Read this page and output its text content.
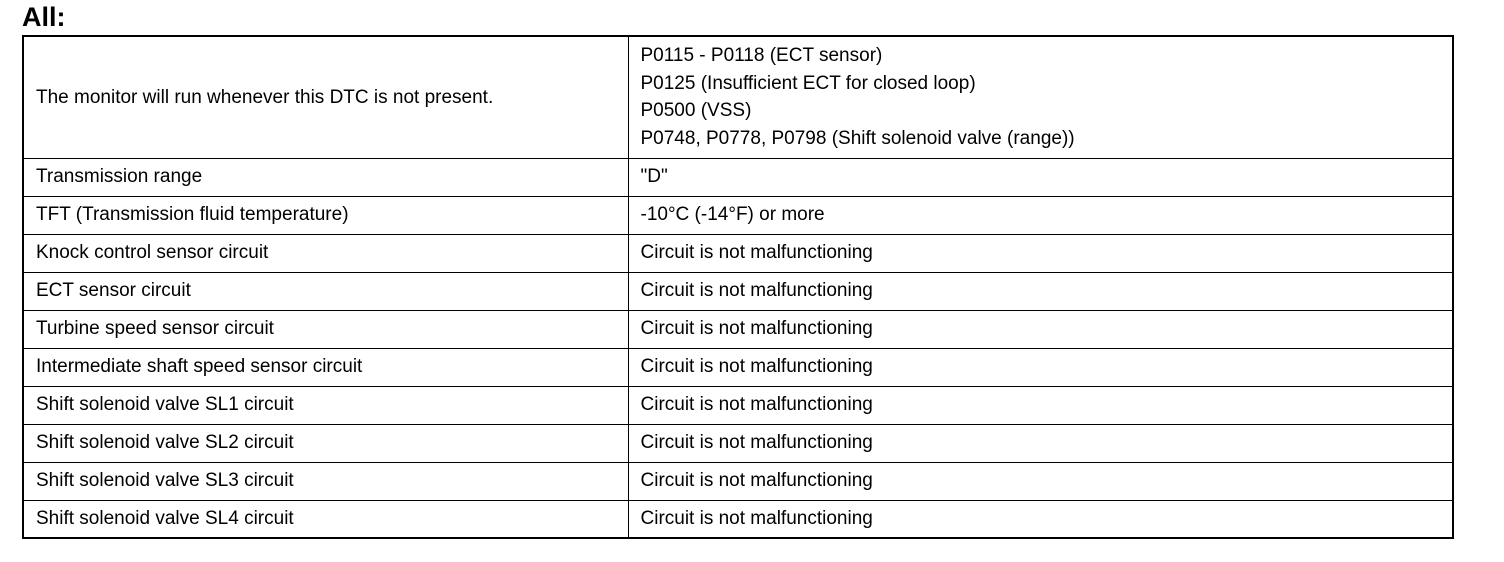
All:
The monitor will run whenever this DTC is not present.	P0115 - P0118 (ECT sensor)
P0125 (Insufficient ECT for closed loop)
P0500 (VSS)
P0748, P0778, P0798 (Shift solenoid valve (range))

Transmission range	"D"
TFT (Transmission fluid temperature)	-10°C (-14°F) or more
Knock control sensor circuit	Circuit is not malfunctioning
ECT sensor circuit	Circuit is not malfunctioning
Turbine speed sensor circuit	Circuit is not malfunctioning
Intermediate shaft speed sensor circuit	Circuit is not malfunctioning
Shift solenoid valve SL1 circuit	Circuit is not malfunctioning
Shift solenoid valve SL2 circuit	Circuit is not malfunctioning
Shift solenoid valve SL3 circuit	Circuit is not malfunctioning
Shift solenoid valve SL4 circuit	Circuit is not malfunctioning
